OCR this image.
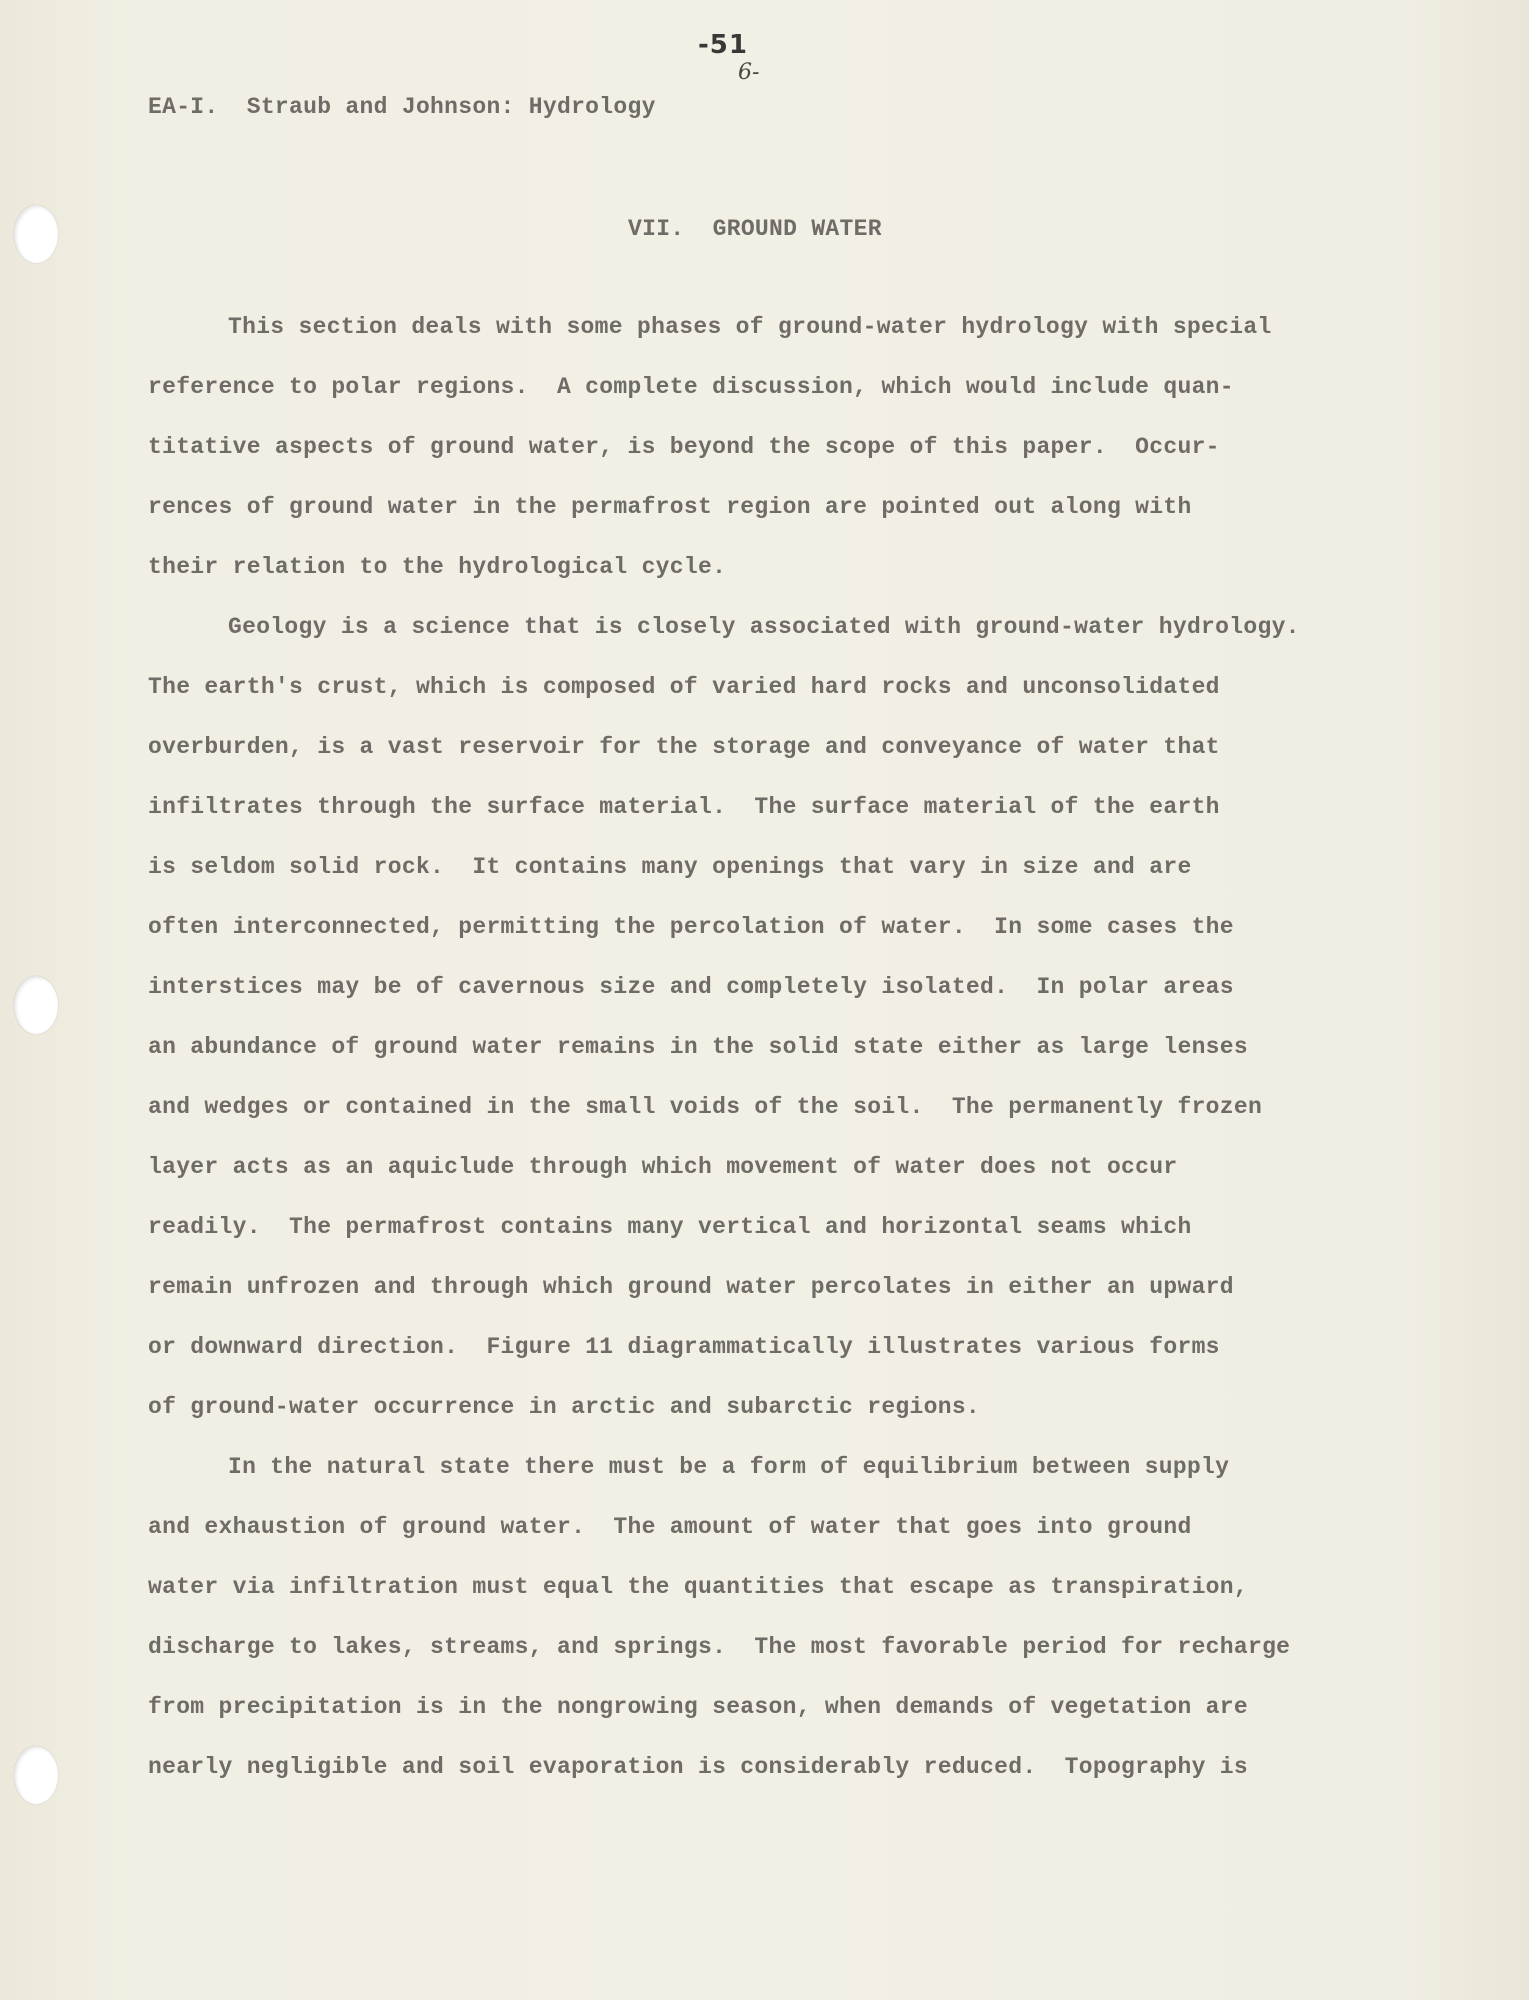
-51
6-
EA-I.  Straub and Johnson: Hydrology
VII.  GROUND WATER
This section deals with some phases of ground-water hydrology with special
reference to polar regions.  A complete discussion, which would include quan-
titative aspects of ground water, is beyond the scope of this paper.  Occur-
rences of ground water in the permafrost region are pointed out along with
their relation to the hydrological cycle.
Geology is a science that is closely associated with ground-water hydrology.
The earth's crust, which is composed of varied hard rocks and unconsolidated
overburden, is a vast reservoir for the storage and conveyance of water that
infiltrates through the surface material.  The surface material of the earth
is seldom solid rock.  It contains many openings that vary in size and are
often interconnected, permitting the percolation of water.  In some cases the
interstices may be of cavernous size and completely isolated.  In polar areas
an abundance of ground water remains in the solid state either as large lenses
and wedges or contained in the small voids of the soil.  The permanently frozen
layer acts as an aquiclude through which movement of water does not occur
readily.  The permafrost contains many vertical and horizontal seams which
remain unfrozen and through which ground water percolates in either an upward
or downward direction.  Figure 11 diagrammatically illustrates various forms
of ground-water occurrence in arctic and subarctic regions.
In the natural state there must be a form of equilibrium between supply
and exhaustion of ground water.  The amount of water that goes into ground
water via infiltration must equal the quantities that escape as transpiration,
discharge to lakes, streams, and springs.  The most favorable period for recharge
from precipitation is in the nongrowing season, when demands of vegetation are
nearly negligible and soil evaporation is considerably reduced.  Topography is
